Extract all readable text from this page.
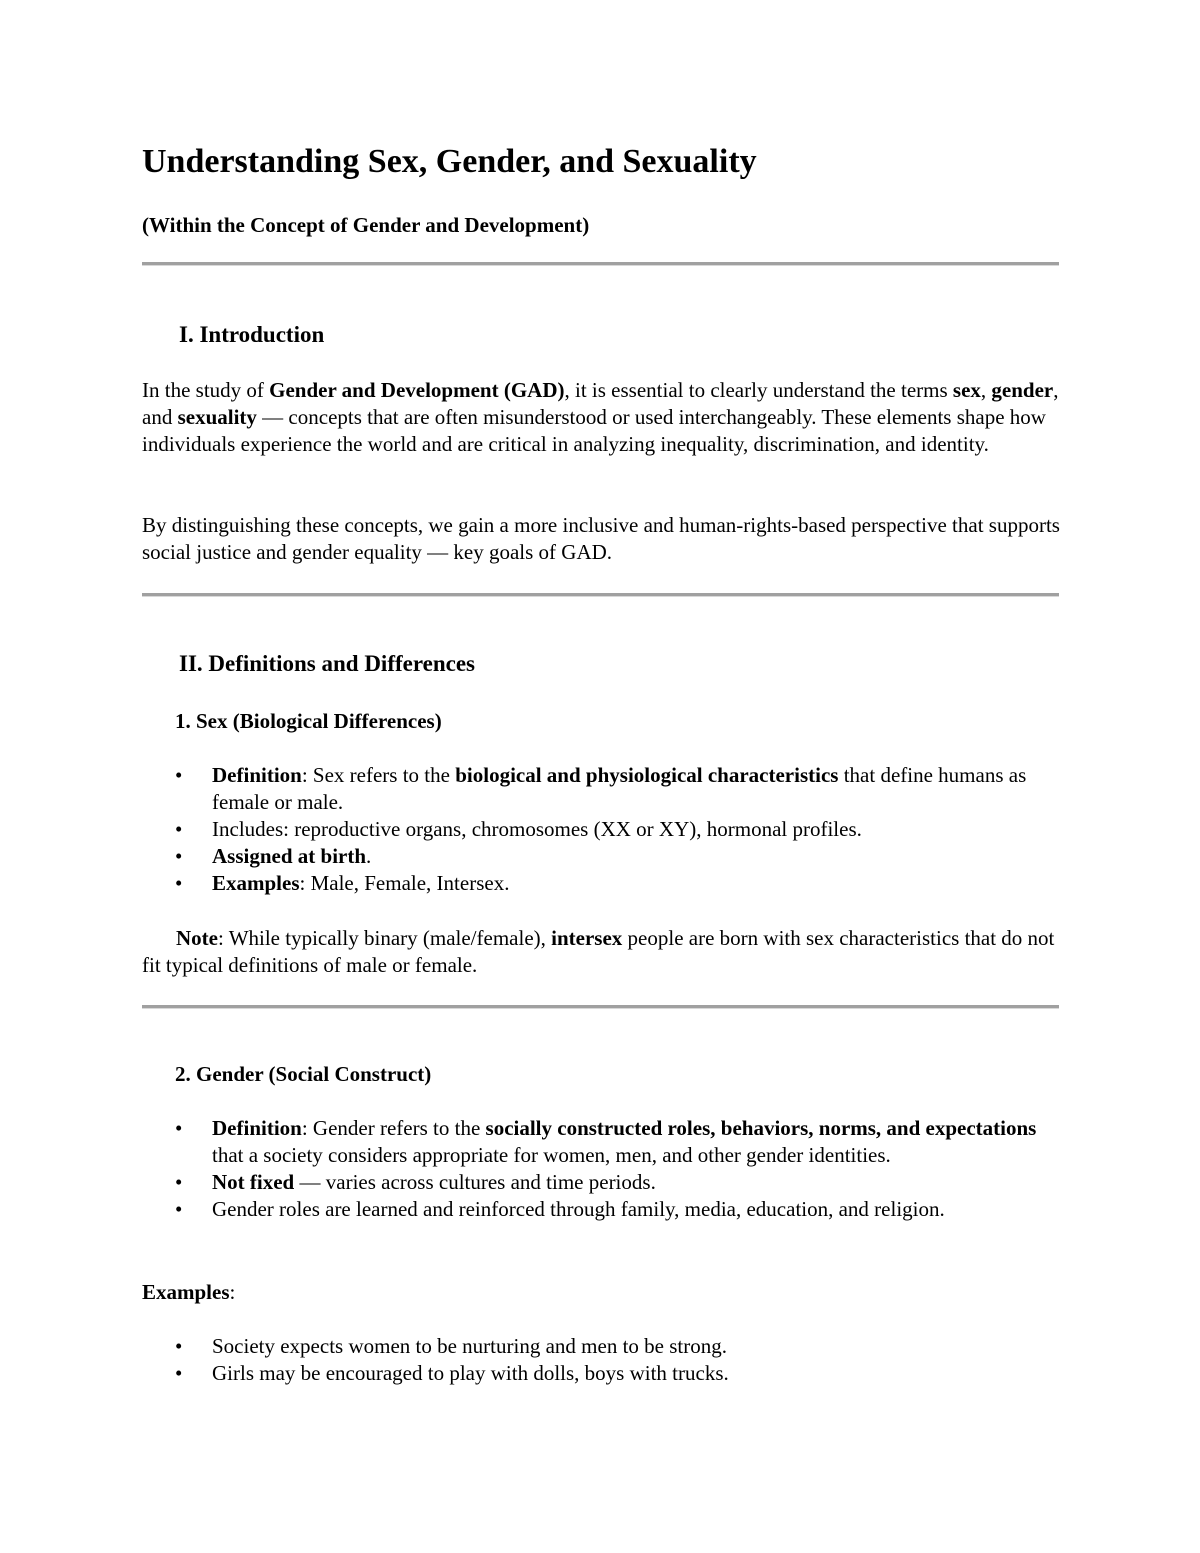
Understanding Sex, Gender, and Sexuality
(Within the Concept of Gender and Development)
I. Introduction

In the study of Gender and Development (GAD), it is essential to clearly understand the terms sex, gender, and sexuality — concepts that are often misunderstood or used interchangeably. These elements shape how individuals experience the world and are critical in analyzing inequality, discrimination, and identity.

By distinguishing these concepts, we gain a more inclusive and human-rights-based perspective that supports social justice and gender equality — key goals of GAD.

II. Definitions and Differences
1. Sex (Biological Differences)
• Definition: Sex refers to the biological and physiological characteristics that define humans as female or male.
• Includes: reproductive organs, chromosomes (XX or XY), hormonal profiles.
• Assigned at birth.
• Examples: Male, Female, Intersex.

Note: While typically binary (male/female), intersex people are born with sex characteristics that do not fit typical definitions of male or female.

2. Gender (Social Construct)
• Definition: Gender refers to the socially constructed roles, behaviors, norms, and expectations that a society considers appropriate for women, men, and other gender identities.
• Not fixed — varies across cultures and time periods.
• Gender roles are learned and reinforced through family, media, education, and religion.

Examples:

• Society expects women to be nurturing and men to be strong.
• Girls may be encouraged to play with dolls, boys with trucks.
